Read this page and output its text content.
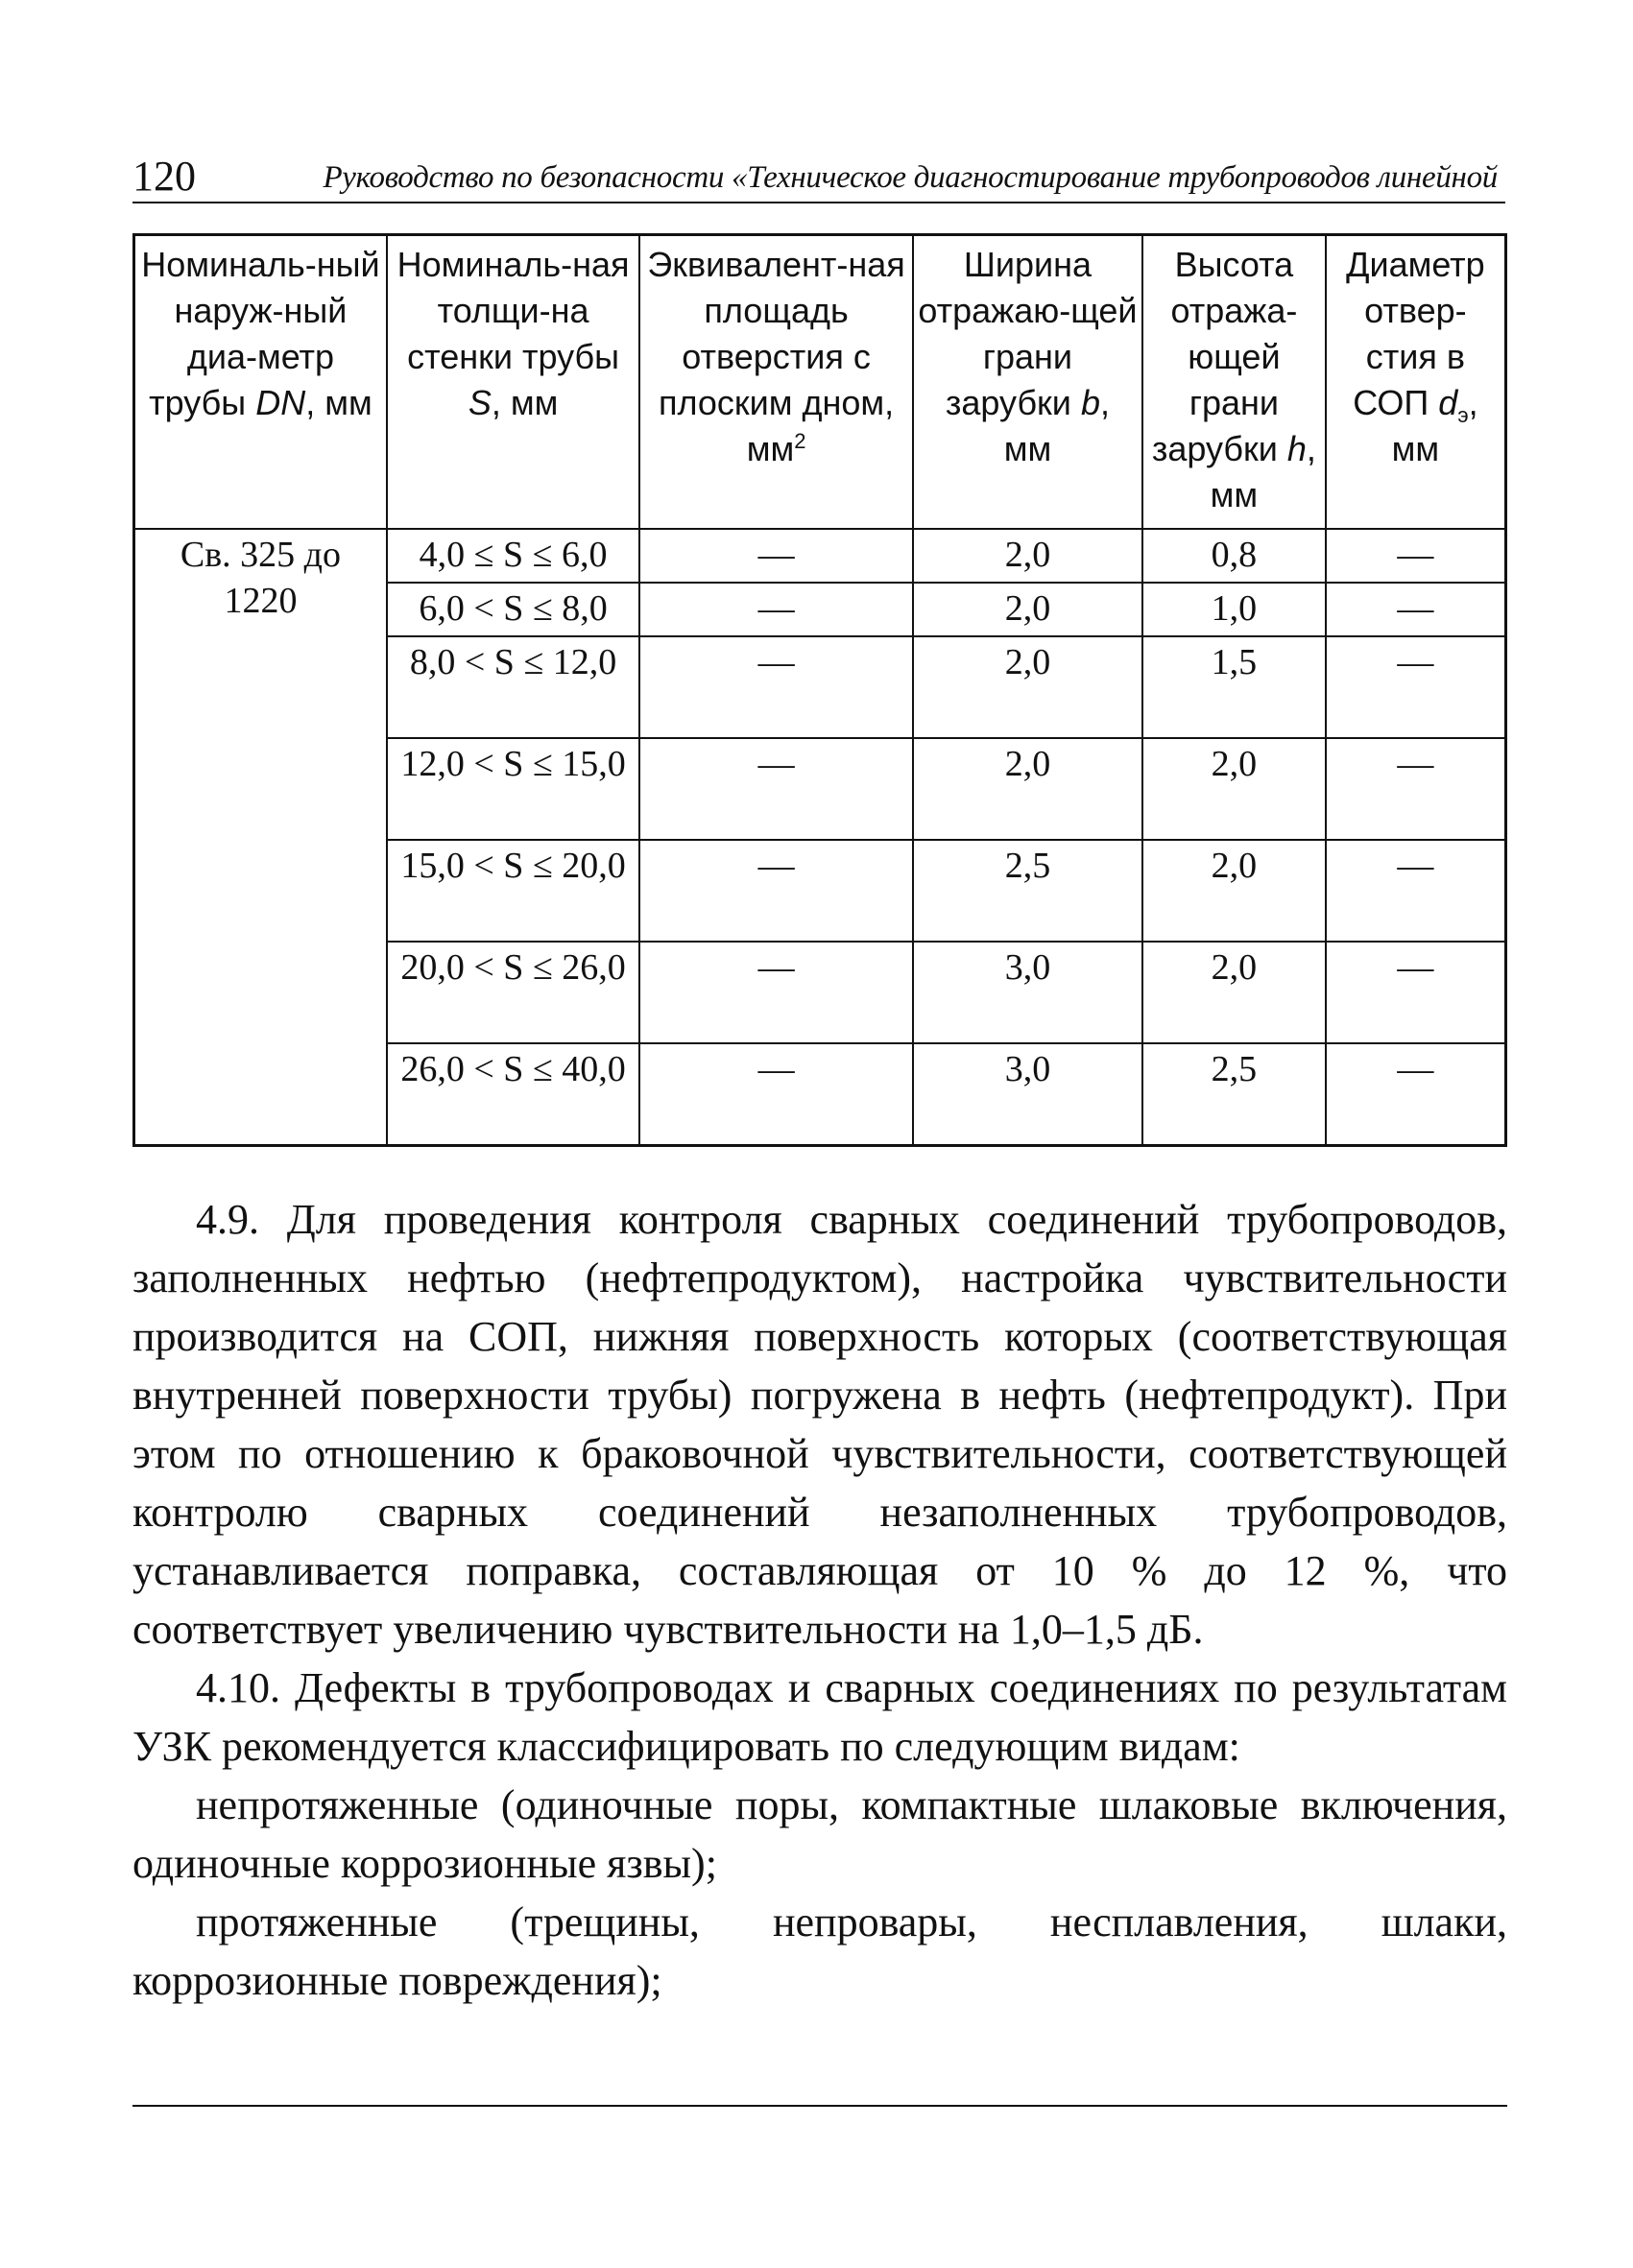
120	Руководство по безопасности «Техническое диагностирование трубопроводов линейной
Номиналь-ный наруж-ный диа-метр трубы DN, мм	Номиналь-ная толщи-на стенки трубы S, мм	Эквивалент-ная площадь отверстия с плоским дном, $мм^2$	Ширина отражаю-щей грани зарубки b, мм	Высота отража-ющей грани зарубки h, мм	Диаметр отвер-стия в СОП $d_э$, мм
Св. 325 до 1220	4,0 ≤ S ≤ 6,0	—	2,0	0,8	—
	6,0 < S ≤ 8,0	—	2,0	1,0	—
	8,0 < S ≤ 12,0	—	2,0	1,5	—
	12,0 < S ≤ 15,0	—	2,0	2,0	—
	15,0 < S ≤ 20,0	—	2,5	2,0	—
	20,0 < S ≤ 26,0	—	3,0	2,0	—
	26,0 < S ≤ 40,0	—	3,0	2,5	—

4.9. Для проведения контроля сварных соединений трубопроводов, заполненных нефтью (нефтепродуктом), настройка чувствительности производится на СОП, нижняя поверхность которых (соответствующая внутренней поверхности трубы) погружена в нефть (нефтепродукт). При этом по отношению к браковочной чувствительности, соответствующей контролю сварных соединений незаполненных трубопроводов, устанавливается поправка, составляющая от 10 % до 12 %, что соответствует увеличению чувствительности на 1,0–1,5 дБ.

4.10. Дефекты в трубопроводах и сварных соединениях по результатам УЗК рекомендуется классифицировать по следующим видам:

непротяженные (одиночные поры, компактные шлаковые включения, одиночные коррозионные язвы);

протяженные (трещины, непровары, несплавления, шлаки, коррозионные повреждения);
